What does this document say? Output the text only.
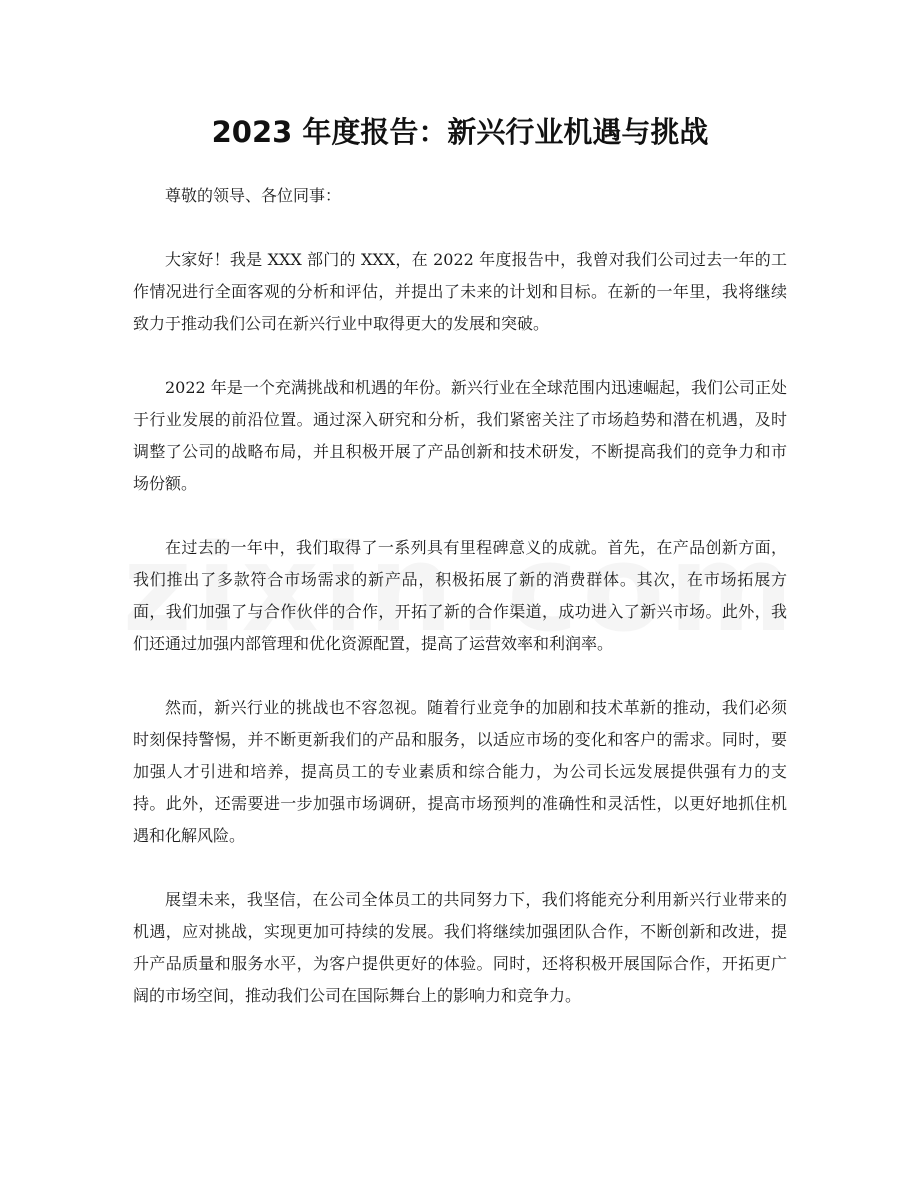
2023 年度报告：新兴行业机遇与挑战

尊敬的领导、各位同事：

大家好！我是 XXX 部门的 XXX，在 2022 年度报告中，我曾对我们公司过去一年的工作情况进行全面客观的分析和评估，并提出了未来的计划和目标。在新的一年里，我将继续致力于推动我们公司在新兴行业中取得更大的发展和突破。

2022 年是一个充满挑战和机遇的年份。新兴行业在全球范围内迅速崛起，我们公司正处于行业发展的前沿位置。通过深入研究和分析，我们紧密关注了市场趋势和潜在机遇，及时调整了公司的战略布局，并且积极开展了产品创新和技术研发，不断提高我们的竞争力和市场份额。

在过去的一年中，我们取得了一系列具有里程碑意义的成就。首先，在产品创新方面，我们推出了多款符合市场需求的新产品，积极拓展了新的消费群体。其次，在市场拓展方面，我们加强了与合作伙伴的合作，开拓了新的合作渠道，成功进入了新兴市场。此外，我们还通过加强内部管理和优化资源配置，提高了运营效率和利润率。

然而，新兴行业的挑战也不容忽视。随着行业竞争的加剧和技术革新的推动，我们必须时刻保持警惕，并不断更新我们的产品和服务，以适应市场的变化和客户的需求。同时，要加强人才引进和培养，提高员工的专业素质和综合能力，为公司长远发展提供强有力的支持。此外，还需要进一步加强市场调研，提高市场预判的准确性和灵活性，以更好地抓住机遇和化解风险。

展望未来，我坚信，在公司全体员工的共同努力下，我们将能充分利用新兴行业带来的机遇，应对挑战，实现更加可持续的发展。我们将继续加强团队合作，不断创新和改进，提升产品质量和服务水平，为客户提供更好的体验。同时，还将积极开展国际合作，开拓更广阔的市场空间，推动我们公司在国际舞台上的影响力和竞争力。
